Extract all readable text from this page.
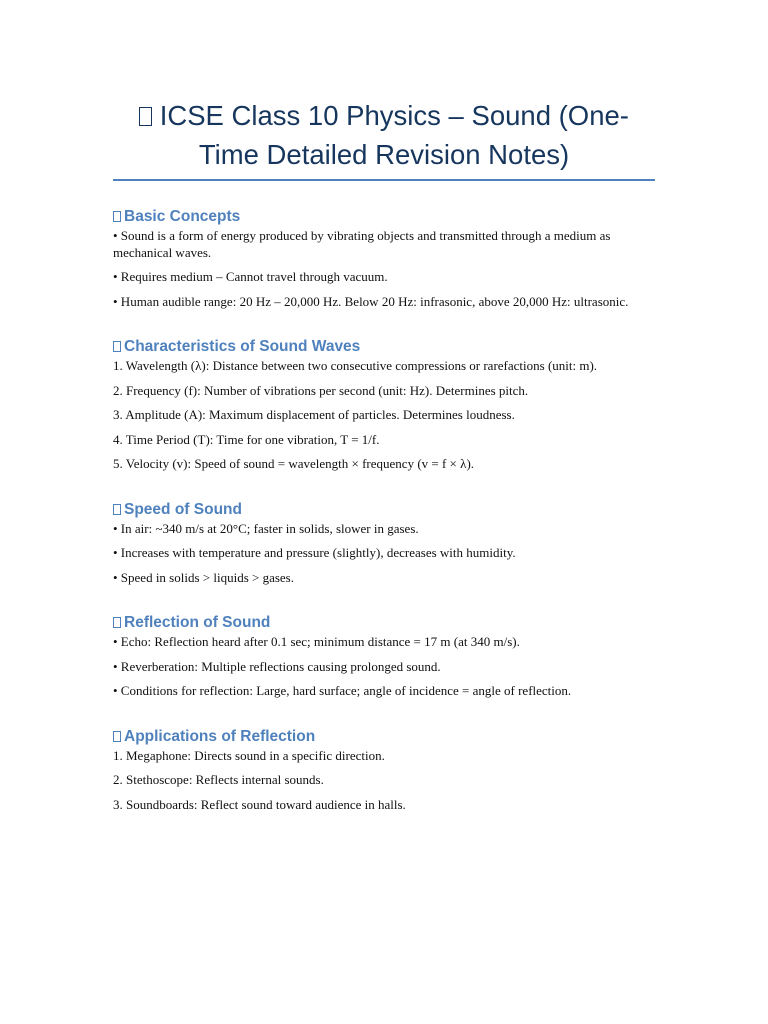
ICSE Class 10 Physics – Sound (One-Time Detailed Revision Notes)
Basic Concepts

• Sound is a form of energy produced by vibrating objects and transmitted through a medium as mechanical waves.

• Requires medium – Cannot travel through vacuum.

• Human audible range: 20 Hz – 20,000 Hz. Below 20 Hz: infrasonic, above 20,000 Hz: ultrasonic.

Characteristics of Sound Waves

1. Wavelength (λ): Distance between two consecutive compressions or rarefactions (unit: m).

2. Frequency (f): Number of vibrations per second (unit: Hz). Determines pitch.

3. Amplitude (A): Maximum displacement of particles. Determines loudness.

4. Time Period (T): Time for one vibration, T = 1/f.

5. Velocity (v): Speed of sound = wavelength × frequency (v = f × λ).

Speed of Sound

• In air: ~340 m/s at 20°C; faster in solids, slower in gases.

• Increases with temperature and pressure (slightly), decreases with humidity.

• Speed in solids > liquids > gases.

Reflection of Sound

• Echo: Reflection heard after 0.1 sec; minimum distance = 17 m (at 340 m/s).

• Reverberation: Multiple reflections causing prolonged sound.

• Conditions for reflection: Large, hard surface; angle of incidence = angle of reflection.

Applications of Reflection

1. Megaphone: Directs sound in a specific direction.

2. Stethoscope: Reflects internal sounds.

3. Soundboards: Reflect sound toward audience in halls.
